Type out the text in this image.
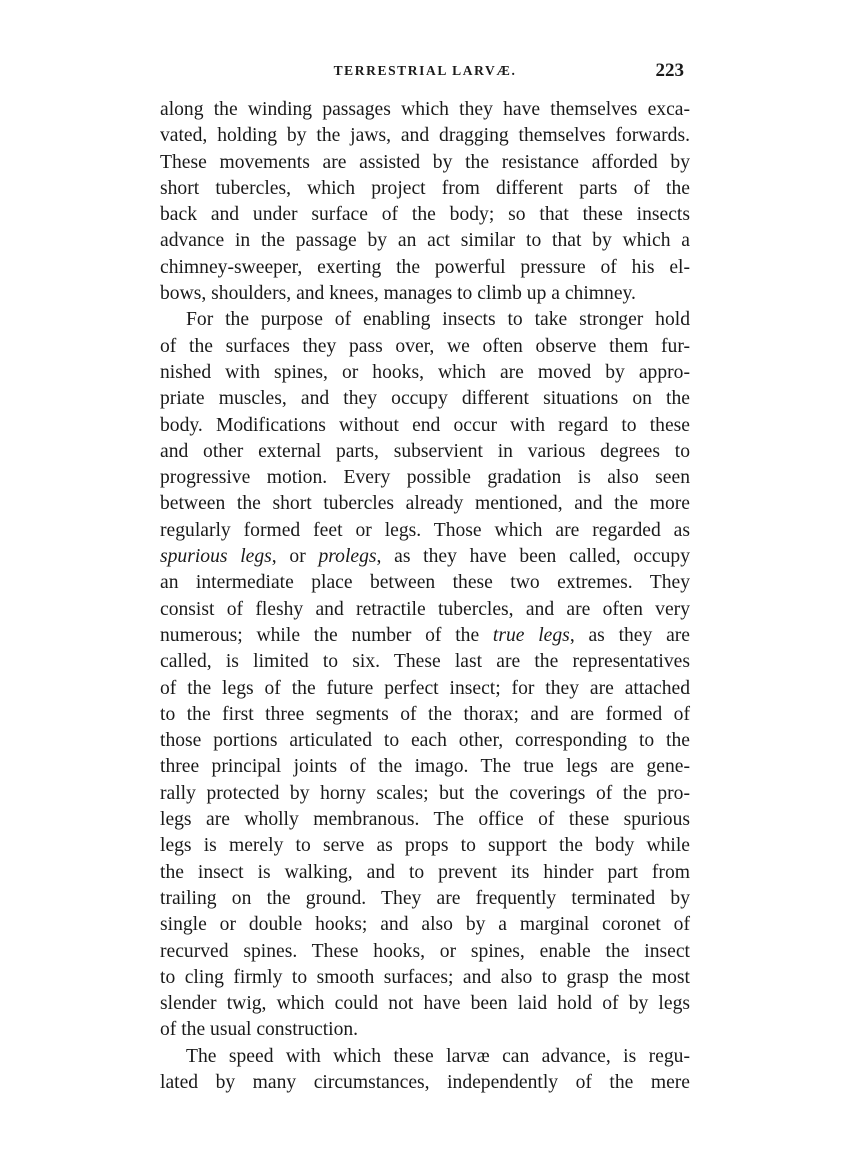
TERRESTRIAL LARVÆ.	223
along the winding passages which they have themselves exca-
vated, holding by the jaws, and dragging themselves forwards.
These movements are assisted by the resistance afforded by
short tubercles, which project from different parts of the
back and under surface of the body; so that these insects
advance in the passage by an act similar to that by which a
chimney-sweeper, exerting the powerful pressure of his el-
bows, shoulders, and knees, manages to climb up a chimney.
For the purpose of enabling insects to take stronger hold
of the surfaces they pass over, we often observe them fur-
nished with spines, or hooks, which are moved by appro-
priate muscles, and they occupy different situations on the
body. Modifications without end occur with regard to these
and other external parts, subservient in various degrees to
progressive motion. Every possible gradation is also seen
between the short tubercles already mentioned, and the more
regularly formed feet or legs. Those which are regarded as
spurious legs, or prolegs, as they have been called, occupy
an intermediate place between these two extremes. They
consist of fleshy and retractile tubercles, and are often very
numerous; while the number of the true legs, as they are
called, is limited to six. These last are the representatives
of the legs of the future perfect insect; for they are attached
to the first three segments of the thorax; and are formed of
those portions articulated to each other, corresponding to the
three principal joints of the imago. The true legs are gene-
rally protected by horny scales; but the coverings of the pro-
legs are wholly membranous. The office of these spurious
legs is merely to serve as props to support the body while
the insect is walking, and to prevent its hinder part from
trailing on the ground. They are frequently terminated by
single or double hooks; and also by a marginal coronet of
recurved spines. These hooks, or spines, enable the insect
to cling firmly to smooth surfaces; and also to grasp the most
slender twig, which could not have been laid hold of by legs
of the usual construction.
The speed with which these larvæ can advance, is regu-
lated by many circumstances, independently of the mere
